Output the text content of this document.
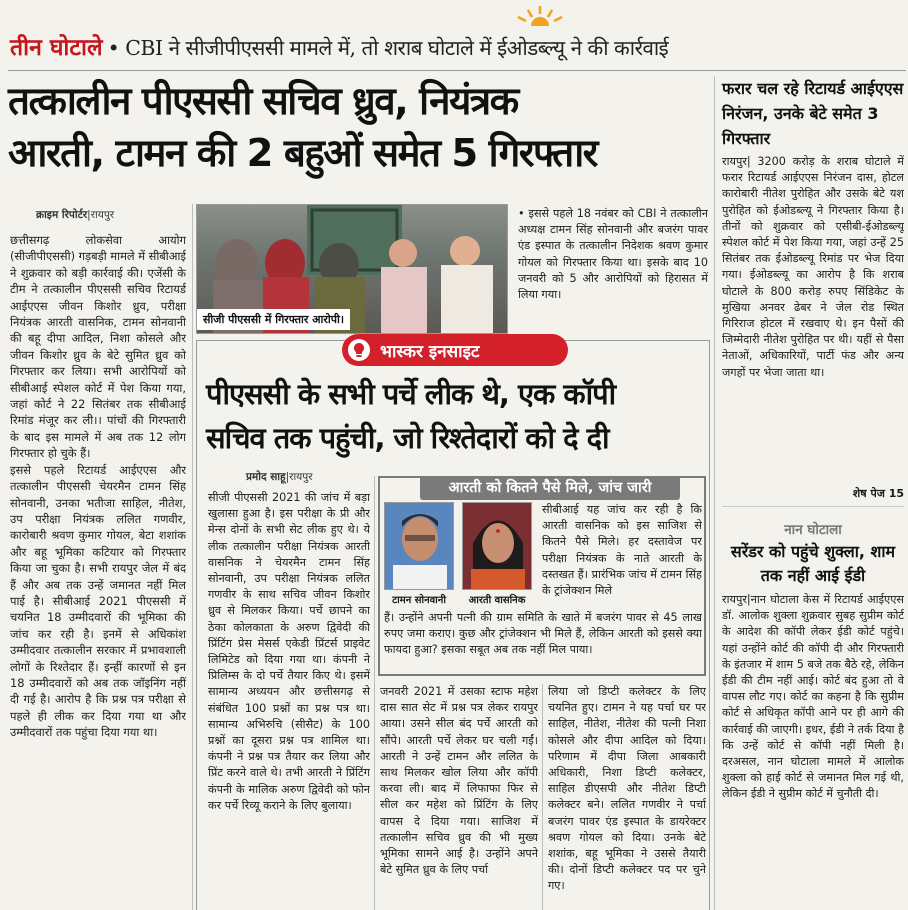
तीन घोटाले • CBI ने सीजीपीएससी मामले में, तो शराब घोटाले में ईओडब्ल्यू ने की कार्रवाई
तत्कालीन पीएससी सचिव ध्रुव, नियंत्रक
आरती, टामन की 2 बहुओं समेत 5 गिरफ्तार
क्राइम रिपोर्टर|रायपुर
छत्तीसगढ़ लोकसेवा आयोग (सीजीपीएससी) गड़बड़ी मामले में सीबीआई ने शुक्रवार को बड़ी कार्रवाई की। एजेंसी के टीम ने तत्कालीन पीएससी सचिव रिटायर्ड आईएएस जीवन किशोर ध्रुव, परीक्षा नियंत्रक आरती वासनिक, टामन सोनवानी की बहू दीपा आदिल, निशा कोसले और जीवन किशोर ध्रुव के बेटे सुमित ध्रुव को गिरफ्तार कर लिया। सभी आरोपियों को सीबीआई स्पेशल कोर्ट में पेश किया गया, जहां कोर्ट ने 22 सितंबर तक सीबीआई रिमांड मंजूर कर ली।। पांचों की गिरफ्तारी के बाद इस मामले में अब तक 12 लोग गिरफ्तार हो चुके हैं।
इससे पहले रिटायर्ड आईएएस और तत्कालीन पीएससी चेयरमैन टामन सिंह सोनवानी, उनका भतीजा साहिल, नीतेश, उप परीक्षा नियंत्रक ललित गणवीर, कारोबारी श्रवण कुमार गोयल, बेटा शशांक और बहू भूमिका कटियार को गिरफ्तार किया जा चुका है। सभी रायपुर जेल में बंद हैं और अब तक उन्हें जमानत नहीं मिल पाई है। सीबीआई 2021 पीएससी में चयनित 18 उम्मीदवारों की भूमिका की जांच कर रही है। इनमें से अधिकांश उम्मीदवार तत्कालीन सरकार में प्रभावशाली लोगों के रिश्तेदार हैं। इन्हीं कारणों से इन 18 उम्मीदवारों को अब तक जॉइनिंग नहीं दी गई है। आरोप है कि प्रश्न पत्र परीक्षा से पहले ही लीक कर दिया गया था और उम्मीदवारों तक पहुंचा दिया गया था।
सीजी पीएससी में गिरफ्तार आरोपी।
• इससे पहले 18 नवंबर को CBI ने तत्कालीन अध्यक्ष टामन सिंह सोनवानी और बजरंग पावर एंड इस्पात के तत्कालीन निदेशक श्रवण कुमार गोयल को गिरफ्तार किया था। इसके बाद 10 जनवरी को 5 और आरोपियों को हिरासत में लिया गया।
भास्कर इनसाइट
पीएससी के सभी पर्चे लीक थे, एक कॉपी
सचिव तक पहुंची, जो रिश्तेदारों को दे दी
प्रमोद साहू|रायपुर
सीजी पीएससी 2021 की जांच में बड़ा खुलासा हुआ है। इस परीक्षा के प्री और मेन्स दोनों के सभी सेट लीक हुए थे। ये लीक तत्कालीन परीक्षा नियंत्रक आरती वासनिक ने चेयरमैन टामन सिंह सोनवानी, उप परीक्षा नियंत्रक ललित गणवीर के साथ सचिव जीवन किशोर ध्रुव से मिलकर किया। पर्चे छापने का ठेका कोलकाता के अरुण द्विवेदी की प्रिंटिंग प्रेस मेसर्स एकेडी प्रिंटर्स प्राइवेट लिमिटेड को दिया गया था। कंपनी ने प्रिलिम्स के दो पर्चे तैयार किए थे। इसमें सामान्य अध्ययन और छत्तीसगढ़ से संबंधित 100 प्रश्नों का प्रश्न पत्र था। सामान्य अभिरुचि (सीसैट) के 100 प्रश्नों का दूसरा प्रश्न पत्र शामिल था। कंपनी ने प्रश्न पत्र तैयार कर लिया और प्रिंट करने वाले थे। तभी आरती ने प्रिंटिंग कंपनी के मालिक अरुण द्विवेदी को फोन कर पर्चे रिव्यू कराने के लिए बुलाया।
आरती को कितने पैसे मिले, जांच जारी
टामन सोनवानी	आरती वासनिक
सीबीआई यह जांच कर रही है कि आरती वासनिक को इस साजिश से कितने पैसे मिले। हर दस्तावेज पर परीक्षा नियंत्रक के नाते आरती के दस्तखत हैं। प्रारंभिक जांच में टामन सिंह के ट्रांजेक्शन मिले
हैं। उन्होंने अपनी पत्नी की ग्राम समिति के खाते में बजरंग पावर से 45 लाख रुपए जमा कराए। कुछ और ट्रांजेक्शन भी मिले हैं, लेकिन आरती को इससे क्या फायदा हुआ? इसका सबूत अब तक नहीं मिल पाया।
जनवरी 2021 में उसका स्टाफ महेश दास सात सेट में प्रश्न पत्र लेकर रायपुर आया। उसने सील बंद पर्चे आरती को सौंपे। आरती पर्चे लेकर घर चली गईं। आरती ने उन्हें टामन और ललित के साथ मिलकर खोल लिया और कॉपी करवा ली। बाद में लिफाफा फिर से सील कर महेश को प्रिंटिंग के लिए वापस दे दिया गया। साजिश में तत्कालीन सचिव ध्रुव की भी मुख्य भूमिका सामने आई है। उन्होंने अपने बेटे सुमित ध्रुव के लिए पर्चा
लिया जो डिप्टी कलेक्टर के लिए चयनित हुए। टामन ने यह पर्चा घर पर साहिल, नीतेश, नीतेश की पत्नी निशा कोसले और दीपा आदिल को दिया। परिणाम में दीपा जिला आबकारी अधिकारी, निशा डिप्टी कलेक्टर, साहिल डीएसपी और नीतेश डिप्टी कलेक्टर बने। ललित गणवीर ने पर्चा बजरंग पावर एंड इस्पात के डायरेक्टर श्रवण गोयल को दिया। उनके बेटे शशांक, बहू भूमिका ने उससे तैयारी की। दोनों डिप्टी कलेक्टर पद पर चुने गए।
फरार चल रहे रिटायर्ड आईएएस निरंजन, उनके बेटे समेत 3 गिरफ्तार
रायपुर| 3200 करोड़ के शराब घोटाले में फरार रिटायर्ड आईएएस निरंजन दास, होटल कारोबारी नीतेश पुरोहित और उसके बेटे यश पुरोहित को ईओडब्ल्यू ने गिरफ्तार किया है। तीनों को शुक्रवार को एसीबी-ईओडब्ल्यू स्पेशल कोर्ट में पेश किया गया, जहां उन्हें 25 सितंबर तक ईओडब्ल्यू रिमांड पर भेज दिया गया। ईओडब्ल्यू का आरोप है कि शराब घोटाले के 800 करोड़ रुपए सिंडिकेट के मुखिया अनवर ढेबर ने जेल रोड स्थित गिरिराज होटल में रखवाए थे। इन पैसों की जिम्मेदारी नीतेश पुरोहित पर थी। यहीं से पैसा नेताओं, अधिकारियों, पार्टी फंड और अन्य जगहों पर भेजा जाता था।
शेष पेज 15
नान घोटाला
सरेंडर को पहुंचे शुक्ला, शाम तक नहीं आई ईडी
रायपुर|नान घोटाला केस में रिटायर्ड आईएएस डॉ. आलोक शुक्ला शुक्रवार सुबह सुप्रीम कोर्ट के आदेश की कॉपी लेकर ईडी कोर्ट पहुंचे। यहां उन्होंने कोर्ट की कॉपी दी और गिरफ्तारी के इंतजार में शाम 5 बजे तक बैठे रहे, लेकिन ईडी की टीम नहीं आई। कोर्ट बंद हुआ तो वे वापस लौट गए। कोर्ट का कहना है कि सुप्रीम कोर्ट से अधिकृत कॉपी आने पर ही आगे की कार्रवाई की जाएगी। इधर, ईडी ने तर्क दिया है कि उन्हें कोर्ट से कॉपी नहीं मिली है। दरअसल, नान घोटाला मामले में आलोक शुक्ला को हाई कोर्ट से जमानत मिल गई थी, लेकिन ईडी ने सुप्रीम कोर्ट में चुनौती दी।
